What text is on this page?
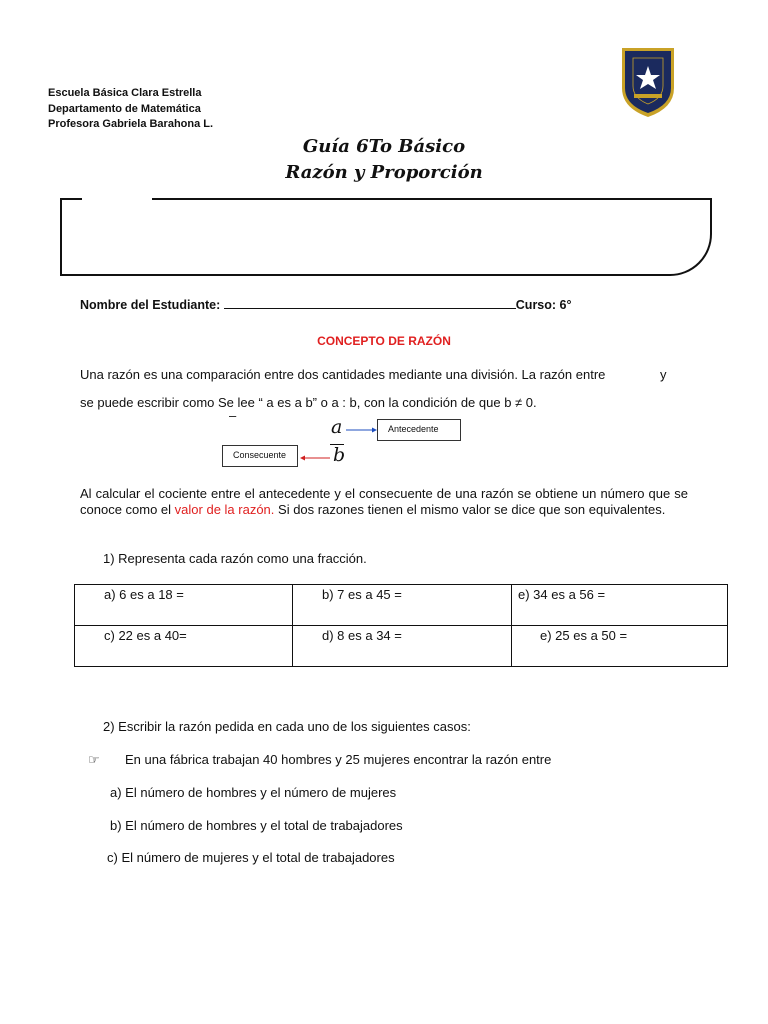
Escuela Básica Clara Estrella
Departamento de Matemática
Profesora Gabriela Barahona L.
Guía 6To Básico
Razón y Proporción
Nombre del Estudiante:	Curso: 6°
CONCEPTO DE RAZÓN
Una razón es una comparación entre dos cantidades mediante una división. La razón entre	y
se puede escribir como Se lee “ a es a b” o a : b, con la condición de que b ≠ 0.
–
a
b
Antecedente
Consecuente
Al calcular el cociente entre el antecedente y el consecuente de una razón se obtiene un número que se conoce como el valor de la razón. Si dos razones tienen el mismo valor se dice que son equivalentes.
1) Representa cada razón como una fracción.
a) 6 es a 18 =	b) 7 es a 45 =	e) 34 es a 56 =

c) 22 es a 40=	d) 8 es a 34 =	e) 25 es a 50 =
2) Escribir la razón pedida en cada uno de los siguientes casos:
☞ En una fábrica trabajan 40 hombres y 25 mujeres encontrar la razón entre
a) El número de hombres y el número de mujeres
b) El número de hombres y el total de trabajadores
c) El número de mujeres y el total de trabajadores
